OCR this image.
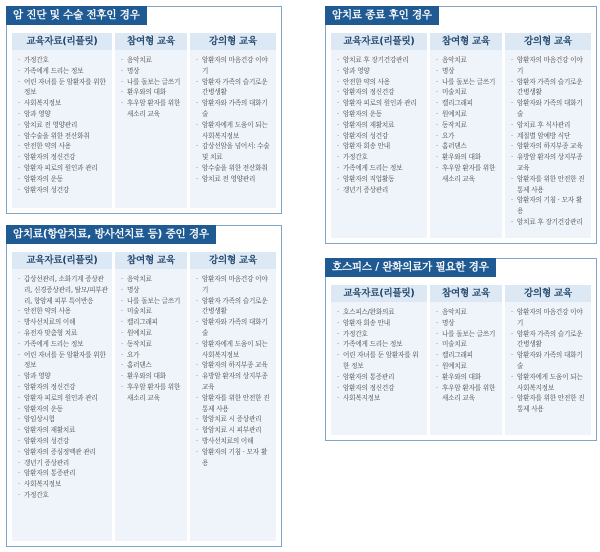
암 진단 및 수술 전후인 경우
교육자료(리플릿)
· 가정간호
· 가족에게 드리는 정보
· 어린 자녀를 둔 암환자를 위한 정보
· 사회복지정보
· 암과 영양
· 암치료 전 영양관리
· 암수술을 위한 전산화취
· 안전한 약의 사용
· 암환자의 정신건강
· 암환자 피로의 원인과 관리
· 암환자의 운동
· 암환자의 성건강
참여형 교육
· 음악치료
· 명상
· 나를 돌보는 글쓰기
· 환우와의 대화
· 후우암 환자를 위한 새소리 교육
강의형 교육
· 암환자의 마음건강 이야기
· 암환자 가족의 슬기로운 간병생활
· 암환자와 가족의 대화기술
· 암환자에게 도움이 되는 사회복지정보
· 감상선암을 넘어서: 수술 및 치료
· 암수술을 위한 전산화취
· 암치료 전 영양관리
암치료 종료 후인 경우
교육자료(리플릿)
· 암치료 후 장기건강관리
· 암과 영양
· 안전한 약의 사용
· 암환자의 정신건강
· 암환자 피로의 원인과 관리
· 암환자의 운동
· 암환자의 재활치료
· 암환자의 성건강
· 암환자 회송 안내
· 가정간호
· 가족에게 드리는 정보
· 암환자의 직업활동
· 갱년기 증상관리
참여형 교육
· 음악치료
· 명상
· 나를 돌보는 글쓰기
· 미술치료
· 캘리그래피
· 원예치료
· 동작치료
· 요가
· 홈러댄스
· 환우와의 대화
· 후우암 환자를 위한 새소리 교육
강의형 교육
· 암환자의 마음건강 이야기
· 암환자 가족의 슬기로운 간병생활
· 암환자와 가족의 대화기술
· 암치료 후 식사관리
· 계절별 암예방 식단
· 암환자의 하지부종 교육
· 유방암 환자의 상지부종 교육
· 암환자를 위한 안전한 진통제 사용
· 암환자의 기침 · 모자 활용
· 암치료 후 장기건강관리
암치료(항암치료, 방사선치료 등) 중인 경우
교육자료(리플릿)
· 갑상선관리, 소화기계 증상관리, 신경증상관리, 탈모/피부관리, 항암제 피부 특이반응
· 안전한 약의 사용
· 방사선치료의 이해
· 유전자 맞춤형 치료
· 가족에게 드리는 정보
· 어린 자녀를 둔 암환자를 위한 정보
· 암과 영양
· 암환자의 정신건강
· 암환자 피로의 원인과 관리
· 암환자의 운동
· 암임상시험
· 암환자의 재활치료
· 암환자의 성건강
· 암환자의 증심정맥관 관리
· 갱년기 증상관리
· 암환자의 통증관리
· 사회복지정보
· 가정간호
참여형 교육
· 음악치료
· 명상
· 나를 돌보는 글쓰기
· 미술치료
· 캘리그래피
· 원예치료
· 동작치료
· 요가
· 홈러댄스
· 환우와의 대화
· 후우암 환자를 위한 새소리 교육
강의형 교육
· 암환자의 마음건강 이야기
· 암환자 가족의 슬기로운 간병생활
· 암환자와 가족의 대화기술
· 암환자에게 도움이 되는 사회복지정보
· 암환자의 하지부종 교육
· 유방암 환자의 상지부종 교육
· 암환자를 위한 안전한 진통제 사용
· 항암치료 시 증상관리
· 항암치료 시 피부관리
· 방사선치료의 이해
· 암환자의 기침 · 모자 활용
호스피스 / 완화의료가 필요한 경우
교육자료(리플릿)
· 호스피스/완화의료
· 암환자 회송 안내
· 가정간호
· 가족에게 드리는 정보
· 어린 자녀를 둔 암환자를 위한 정보
· 암환자의 통증관리
· 암환자의 정신건강
· 사회복지정보
참여형 교육
· 음악치료
· 명상
· 나를 돌보는 글쓰기
· 미술치료
· 캘리그래피
· 원예치료
· 환우와의 대화
· 후우암 환자를 위한 새소리 교육
강의형 교육
· 암환자의 마음건강 이야기
· 암환자 가족의 슬기로운 간병생활
· 암환자와 가족의 대화기술
· 암환자에게 도움이 되는 사회복지정보
· 암환자를 위한 안전한 진통제 사용
